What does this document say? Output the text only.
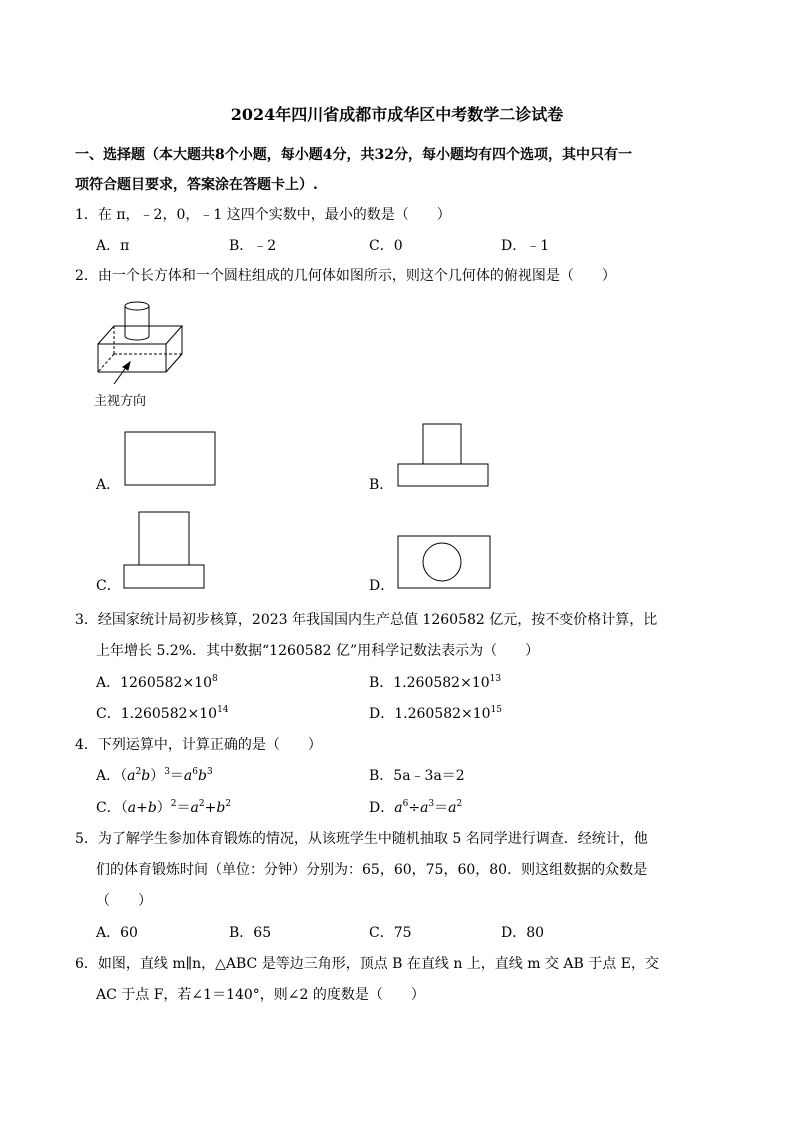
2024年四川省成都市成华区中考数学二诊试卷
一、选择题（本大题共8个小题，每小题4分，共32分，每小题均有四个选项，其中只有一
项符合题目要求，答案涂在答题卡上）.
1．在 π，﹣2，0，﹣1 这四个实数中，最小的数是（　　）
A．π	B．﹣2	C．0	D．﹣1
2．由一个长方体和一个圆柱组成的几何体如图所示，则这个几何体的俯视图是（　　）
主视方向
A．	B．
C．	D．
3．经国家统计局初步核算，2023 年我国国内生产总值 1260582 亿元，按不变价格计算，比
上年增长 5.2%．其中数据“1260582 亿”用科学记数法表示为（　　）
A．$1260582\times 10^8$	B．$1.260582\times 10^{13}$
C．$1.260582\times 10^{14}$	D．$1.260582\times 10^{15}$
4．下列运算中，计算正确的是（　　）
A．$(a^2b)^3=a^6b^3$	B．5a﹣3a＝2
C．$(a+b)^2=a^2+b^2$	D．$a^6\div a^3=a^2$
5．为了解学生参加体育锻炼的情况，从该班学生中随机抽取 5 名同学进行调查．经统计，他
们的体育锻炼时间（单位：分钟）分别为：65，60，75，60，80．则这组数据的众数是
（　　）
A．60	B．65	C．75	D．80
6．如图，直线 m∥n，△ABC 是等边三角形，顶点 B 在直线 n 上，直线 m 交 AB 于点 E，交
AC 于点 F，若∠1＝140°，则∠2 的度数是（　　）
